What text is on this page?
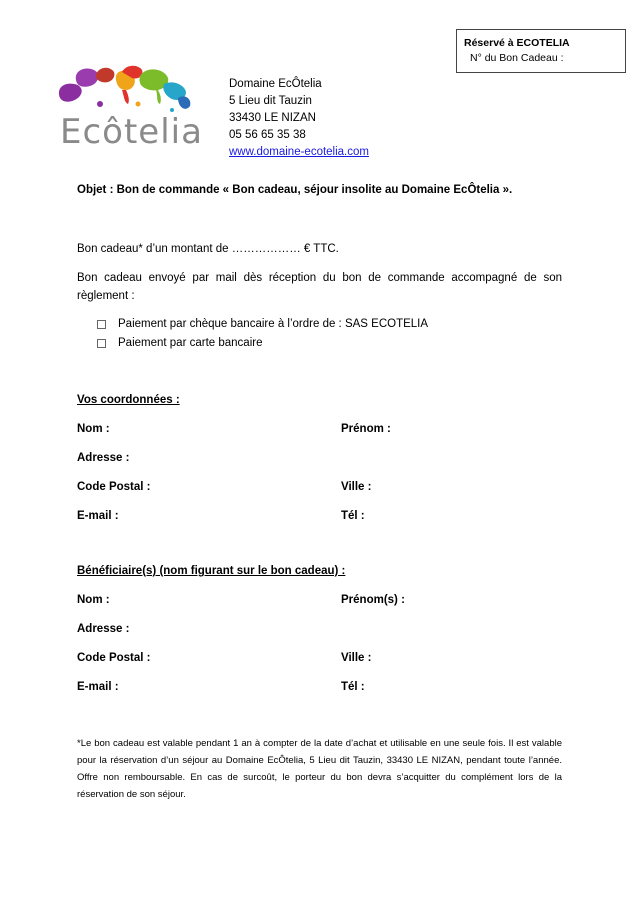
Réservé à ECOTELIA
N° du Bon Cadeau :
Ecôtelia
Domaine EcÔtelia
5 Lieu dit Tauzin
33430 LE NIZAN
05 56 65 35 38
www.domaine-ecotelia.com
Objet : Bon de commande « Bon cadeau, séjour insolite au Domaine EcÔtelia ».
Bon cadeau* d’un montant de ……………… € TTC.
Bon cadeau envoyé par mail dès réception du bon de commande accompagné de son règlement :
Paiement par chèque bancaire à l’ordre de : SAS ECOTELIA
Paiement par carte bancaire
Vos coordonnées :
Nom :	Prénom :
Adresse :
Code Postal :	Ville :
E-mail :	Tél :
Bénéficiaire(s) (nom figurant sur le bon cadeau) :
Nom :	Prénom(s) :
Adresse :
Code Postal :	Ville :
E-mail :	Tél :
*Le bon cadeau est valable pendant 1 an à compter de la date d’achat et utilisable en une seule fois. Il est valable pour la réservation d’un séjour au Domaine EcÔtelia, 5 Lieu dit Tauzin, 33430 LE NIZAN, pendant toute l’année. Offre non remboursable. En cas de surcoût, le porteur du bon devra s’acquitter du complément lors de la réservation de son séjour.
